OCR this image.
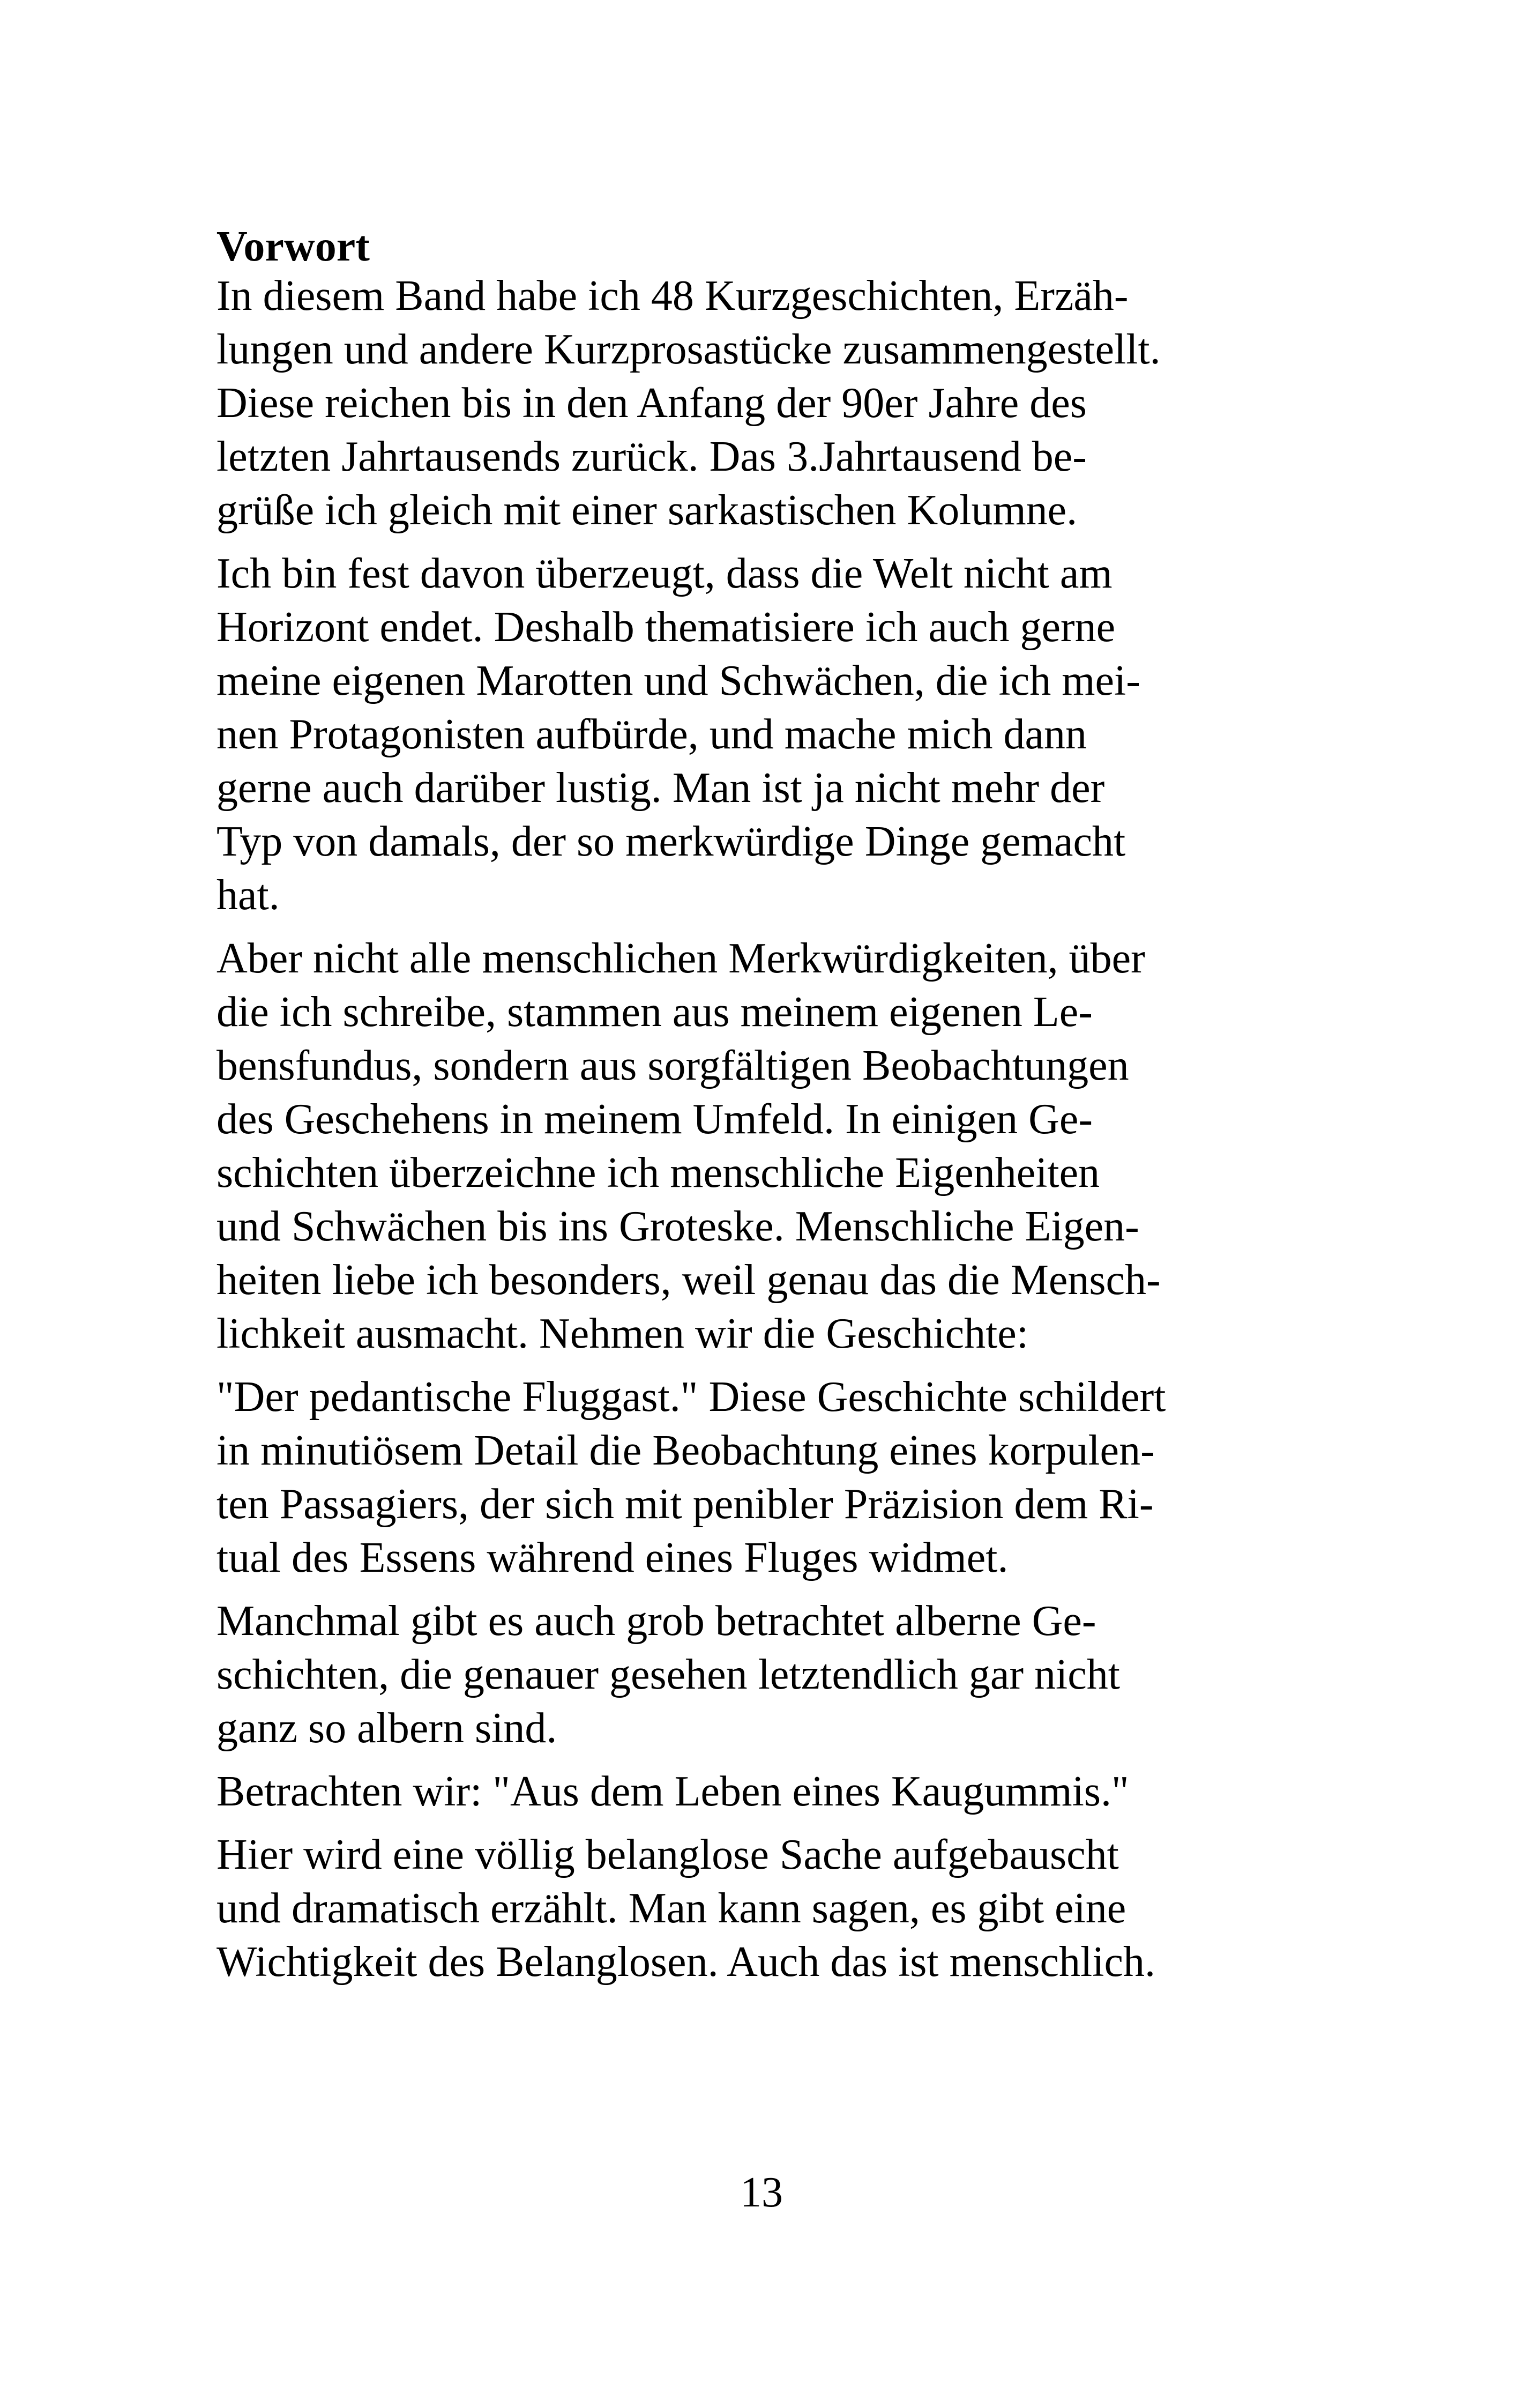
Vorwort

In diesem Band habe ich 48 Kurzgeschichten, Erzäh-
lungen und andere Kurzprosastücke zusammengestellt.
Diese reichen bis in den Anfang der 90er Jahre des
letzten Jahrtausends zurück. Das 3.Jahrtausend be-
grüße ich gleich mit einer sarkastischen Kolumne.

Ich bin fest davon überzeugt, dass die Welt nicht am
Horizont endet. Deshalb thematisiere ich auch gerne
meine eigenen Marotten und Schwächen, die ich mei-
nen Protagonisten aufbürde, und mache mich dann
gerne auch darüber lustig. Man ist ja nicht mehr der
Typ von damals, der so merkwürdige Dinge gemacht
hat.

Aber nicht alle menschlichen Merkwürdigkeiten, über
die ich schreibe, stammen aus meinem eigenen Le-
bensfundus, sondern aus sorgfältigen Beobachtungen
des Geschehens in meinem Umfeld. In einigen Ge-
schichten überzeichne ich menschliche Eigenheiten
und Schwächen bis ins Groteske. Menschliche Eigen-
heiten liebe ich besonders, weil genau das die Mensch-
lichkeit ausmacht. Nehmen wir die Geschichte:

"Der pedantische Fluggast." Diese Geschichte schildert
in minutiösem Detail die Beobachtung eines korpulen-
ten Passagiers, der sich mit penibler Präzision dem Ri-
tual des Essens während eines Fluges widmet.

Manchmal gibt es auch grob betrachtet alberne Ge-
schichten, die genauer gesehen letztendlich gar nicht
ganz so albern sind.

Betrachten wir: "Aus dem Leben eines Kaugummis."

Hier wird eine völlig belanglose Sache aufgebauscht
und dramatisch erzählt. Man kann sagen, es gibt eine
Wichtigkeit des Belanglosen. Auch das ist menschlich.

13
